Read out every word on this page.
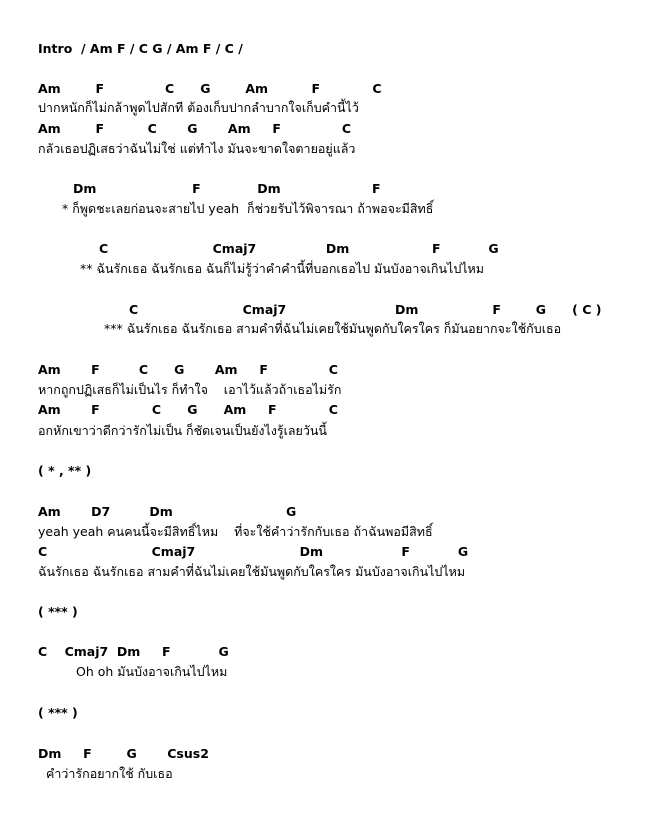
Intro  / Am F / C G / Am F / C /
Am        F              C      G        Am          F            C
ปากหนักก็ไม่กล้าพูดไปสักที ต้องเก็บปากลำบากใจเก็บคำนี้ไว้
Am        F          C       G       Am     F              C
กลัวเธอปฏิเสธว่าฉันไม่ใช่ แต่ทำไง มันจะขาดใจตายอยู่แล้ว
Dm                      F             Dm                     F
* ก็พูดชะเลยก่อนจะสายไป yeah  ก็ช่วยรับไว้พิจารณา ถ้าพอจะมีสิทธิ์
C                        Cmaj7                Dm                   F           G
** ฉันรักเธอ ฉันรักเธอ ฉันก็ไม่รู้ว่าคำคำนี้ที่บอกเธอไป มันบังอาจเกินไปไหม
C                        Cmaj7                         Dm                 F        G      ( C )
*** ฉันรักเธอ ฉันรักเธอ สามคำที่ฉันไม่เคยใช้มันพูดกับใครใคร ก็มันอยากจะใช้กับเธอ
Am       F         C      G       Am     F              C
หากถูกปฏิเสธก็ไม่เป็นไร ก็ทำใจ    เอาไว้แล้วถ้าเธอไม่รัก
Am       F            C      G      Am     F            C
อกหักเขาว่าดีกว่ารักไม่เป็น ก็ชัดเจนเป็นยังไงรู้เลยวันนี้
( * , ** )
Am       D7         Dm                          G
yeah yeah คนคนนี้จะมีสิทธิ์ไหม    ที่จะใช้คำว่ารักกับเธอ ถ้าฉันพอมีสิทธิ์
C                        Cmaj7                        Dm                  F           G
ฉันรักเธอ ฉันรักเธอ สามคำที่ฉันไม่เคยใช้มันพูดกับใครใคร มันบังอาจเกินไปไหม
( *** )
C    Cmaj7  Dm     F           G
Oh oh มันบังอาจเกินไปไหม
( *** )
Dm     F        G       Csus2
คำว่ารักอยากใช้ กับเธอ
